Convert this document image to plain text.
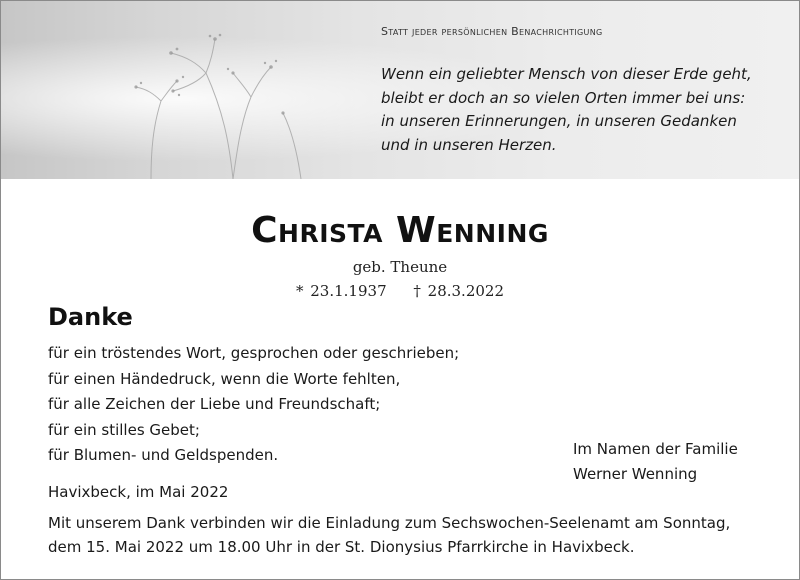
Statt jeder persönlichen Benachrichtigung
Wenn ein geliebter Mensch von dieser Erde geht,
bleibt er doch an so vielen Orten immer bei uns:
in unseren Erinnerungen, in unseren Gedanken
und in unseren Herzen.
Christa Wenning
geb. Theune
* 23.1.1937 † 28.3.2022
Danke
für ein tröstendes Wort, gesprochen oder geschrieben;
für einen Händedruck, wenn die Worte fehlten,
für alle Zeichen der Liebe und Freundschaft;
für ein stilles Gebet;
für Blumen- und Geldspenden.	Im Namen der Familie
Werner Wenning
Havixbeck, im Mai 2022
Mit unserem Dank verbinden wir die Einladung zum Sechswochen-Seelenamt am Sonntag,
dem 15. Mai 2022 um 18.00 Uhr in der St. Dionysius Pfarrkirche in Havixbeck.
